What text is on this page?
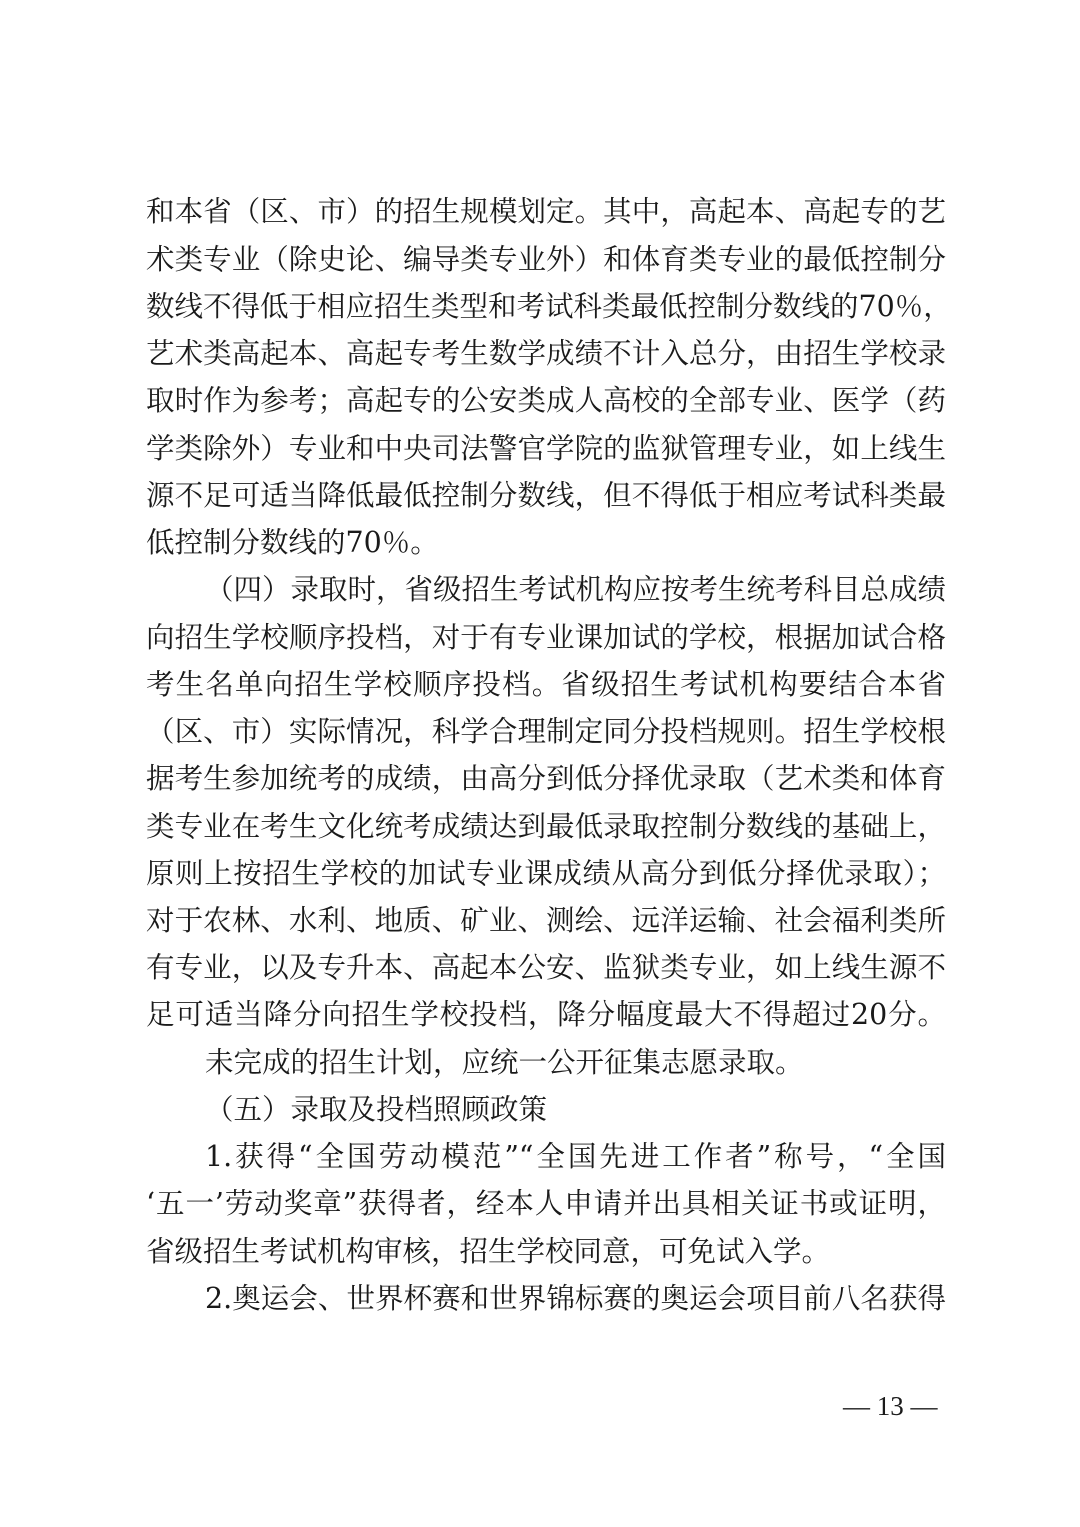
和本省（区、市）的招生规模划定。其中，高起本、高起专的艺
术类专业（除史论、编导类专业外）和体育类专业的最低控制分
数线不得低于相应招生类型和考试科类最低控制分数线的70％，
艺术类高起本、高起专考生数学成绩不计入总分，由招生学校录
取时作为参考；高起专的公安类成人高校的全部专业、医学（药
学类除外）专业和中央司法警官学院的监狱管理专业，如上线生
源不足可适当降低最低控制分数线，但不得低于相应考试科类最
低控制分数线的70％。
（四）录取时，省级招生考试机构应按考生统考科目总成绩
向招生学校顺序投档，对于有专业课加试的学校，根据加试合格
考生名单向招生学校顺序投档。省级招生考试机构要结合本省
（区、市）实际情况，科学合理制定同分投档规则。招生学校根
据考生参加统考的成绩，由高分到低分择优录取（艺术类和体育
类专业在考生文化统考成绩达到最低录取控制分数线的基础上，
原则上按招生学校的加试专业课成绩从高分到低分择优录取）；
对于农林、水利、地质、矿业、测绘、远洋运输、社会福利类所
有专业，以及专升本、高起本公安、监狱类专业，如上线生源不
足可适当降分向招生学校投档，降分幅度最大不得超过20分。
未完成的招生计划，应统一公开征集志愿录取。
（五）录取及投档照顾政策
1.获得“全国劳动模范”“全国先进工作者”称号，“全国
‘五一’劳动奖章”获得者，经本人申请并出具相关证书或证明，
省级招生考试机构审核，招生学校同意，可免试入学。
2.奥运会、世界杯赛和世界锦标赛的奥运会项目前八名获得
— 13 —
